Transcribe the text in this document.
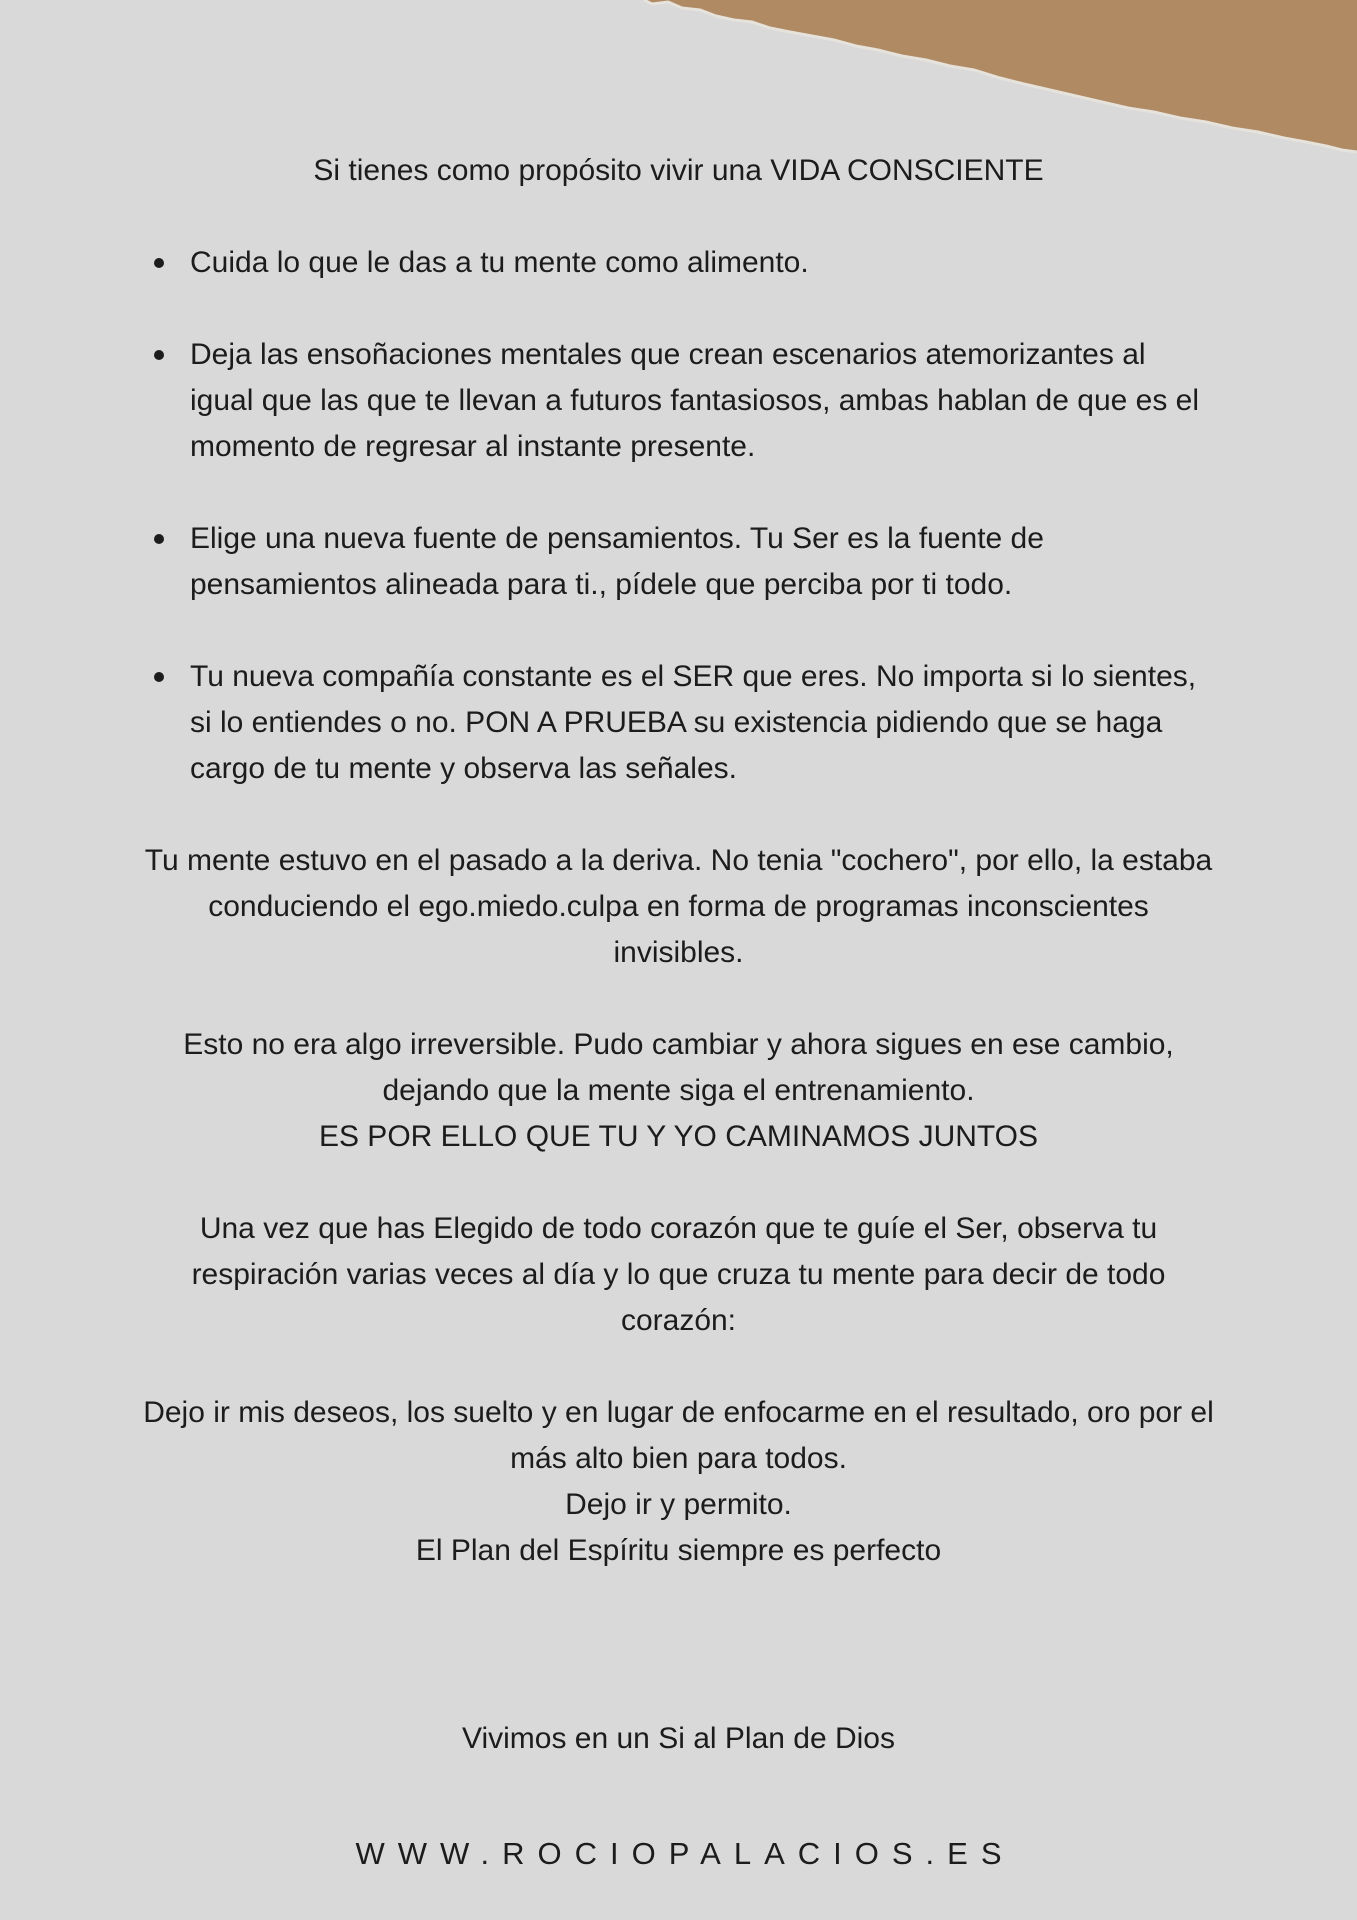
Si tienes como propósito vivir una VIDA CONSCIENTE

Cuida lo que le das a tu mente como alimento.
Deja las ensoñaciones mentales que crean escenarios atemorizantes al igual que las que te llevan a futuros fantasiosos, ambas hablan de que es el momento de regresar al instante presente.
Elige una nueva fuente de pensamientos. Tu Ser es la fuente de pensamientos alineada para ti., pídele que perciba por ti todo.
Tu nueva compañía constante es el SER que eres. No importa si lo sientes, si lo entiendes o no. PON A PRUEBA su existencia pidiendo que se haga cargo de tu mente y observa las señales.

Tu mente estuvo en el pasado a la deriva. No tenia "cochero", por ello, la estaba conduciendo el ego.miedo.culpa en forma de programas inconscientes invisibles.

Esto no era algo irreversible. Pudo cambiar y ahora sigues en ese cambio, dejando que la mente siga el entrenamiento.
ES POR ELLO QUE TU Y YO CAMINAMOS JUNTOS

Una vez que has Elegido de todo corazón que te guíe el Ser, observa tu respiración varias veces al día y lo que cruza tu mente para decir de todo corazón:

Dejo ir mis deseos, los suelto y en lugar de enfocarme en el resultado, oro por el más alto bien para todos.
Dejo ir y permito.
El Plan del Espíritu siempre es perfecto

Vivimos en un Si al Plan de Dios
WWW.ROCIOPALACIOS.ES
